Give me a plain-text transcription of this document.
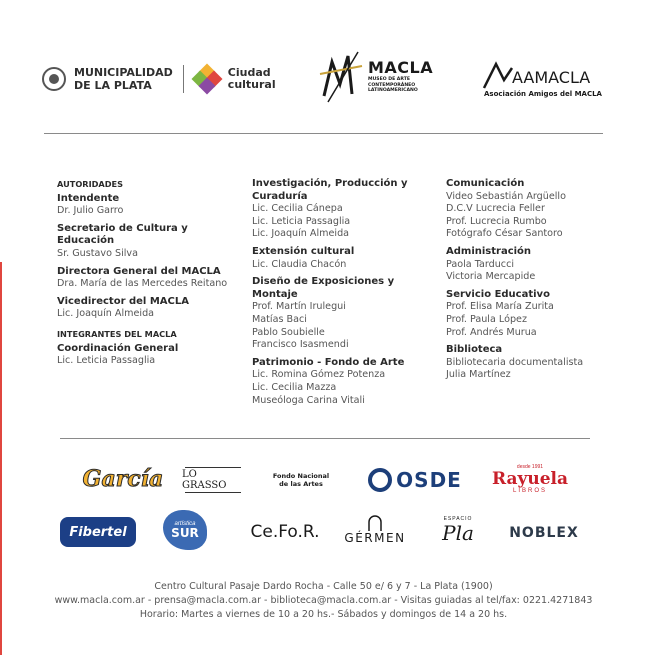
MUNICIPALIDAD
DE LA PLATA
Ciudad
cultural
MACLA
MUSEO DE ARTE CONTEMPORÁNEO LATINOAMERICANO
AAMACLA
Asociación Amigos del MACLA
AUTORIDADES
Intendente
Dr. Julio Garro
Secretario de Cultura y Educación
Sr. Gustavo Silva
Directora General del MACLA
Dra. María de las Mercedes Reitano
Vicedirector del MACLA
Lic. Joaquín Almeida
INTEGRANTES DEL MACLA
Coordinación General
Lic. Leticia Passaglia
Investigación, Producción y Curaduría
Lic. Cecilia Cánepa
Lic. Leticia Passaglia
Lic. Joaquín Almeida
Extensión cultural
Lic. Claudia Chacón
Diseño de Exposiciones y Montaje
Prof. Martín Irulegui
Matías Baci
Pablo Soubielle
Francisco Isasmendi
Patrimonio - Fondo de Arte
Lic. Romina Gómez Potenza
Lic. Cecilia Mazza
Museóloga Carina Vitali
Comunicación
Video Sebastián Argüello
D.C.V Lucrecia Feller
Prof. Lucrecia Rumbo
Fotógrafo César Santoro
Administración
Paola Tarducci
Victoria Mercapide
Servicio Educativo
Prof. Elisa María Zurita
Prof. Paula López
Prof. Andrés Murua
Biblioteca
Bibliotecaria documentalista
Julia Martínez
García LO GRASSO
Fondo Nacional de las Artes	OSDE
desde 1991
Rayuela
LIBROS
Fibertel
artística
SUR	Ce.Fo.R. GÉRMEN
ESPACIO
Pla	NOBLEX
Centro Cultural Pasaje Dardo Rocha - Calle 50 e/ 6 y 7 - La Plata (1900)
www.macla.com.ar - prensa@macla.com.ar - biblioteca@macla.com.ar - Visitas guiadas al tel/fax: 0221.4271843
Horario: Martes a viernes de 10 a 20 hs.- Sábados y domingos de 14 a 20 hs.
